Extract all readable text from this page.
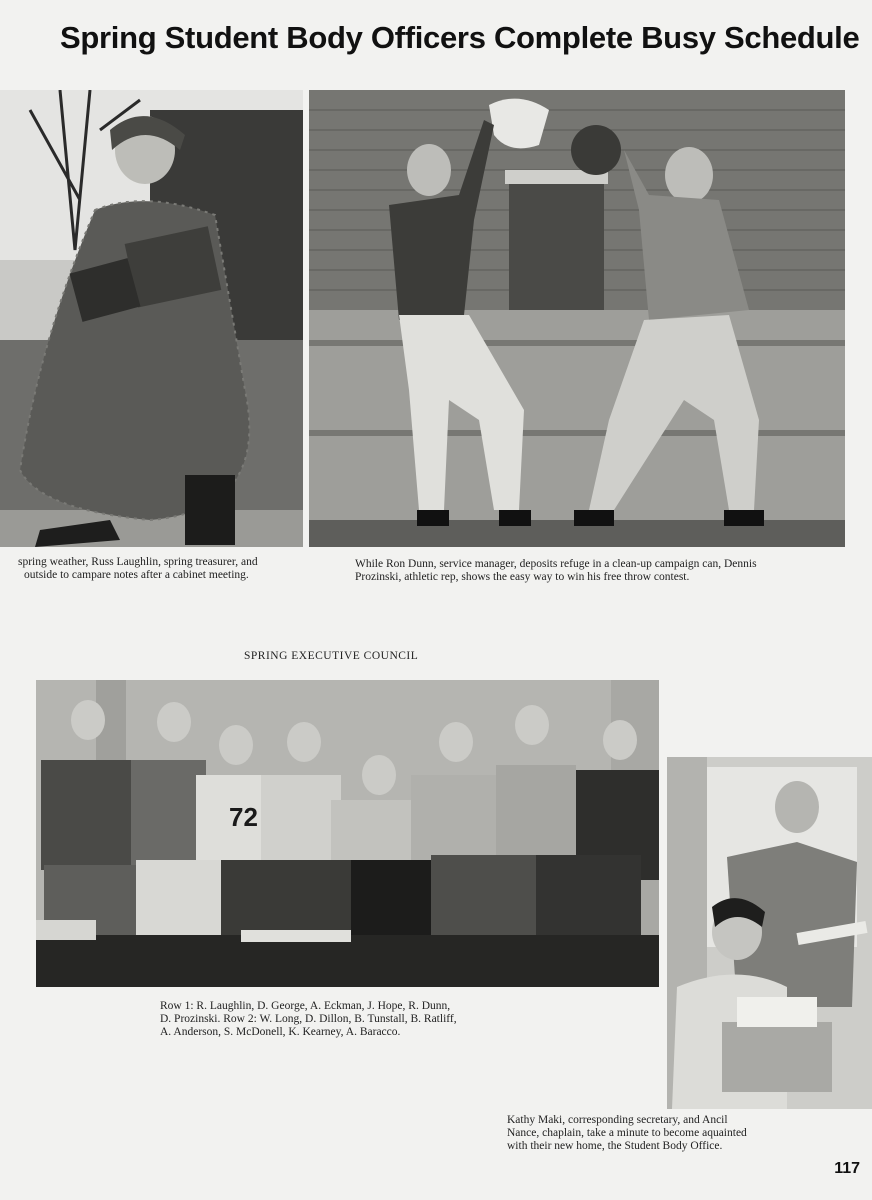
Spring Student Body Officers Complete Busy Schedule
spring weather, Russ Laughlin, spring treasurer, and
outside to campare notes after a cabinet meeting.
While Ron Dunn, service manager, deposits refuge in a clean-up campaign can, Dennis
Prozinski, athletic rep, shows the easy way to win his free throw contest.
SPRING EXECUTIVE COUNCIL
72
Row 1: R. Laughlin, D. George, A. Eckman, J. Hope, R. Dunn,
D. Prozinski. Row 2: W. Long, D. Dillon, B. Tunstall, B. Ratliff,
A. Anderson, S. McDonell, K. Kearney, A. Baracco.
Kathy Maki, corresponding secretary, and Ancil
Nance, chaplain, take a minute to become aquainted
with their new home, the Student Body Office.
117
